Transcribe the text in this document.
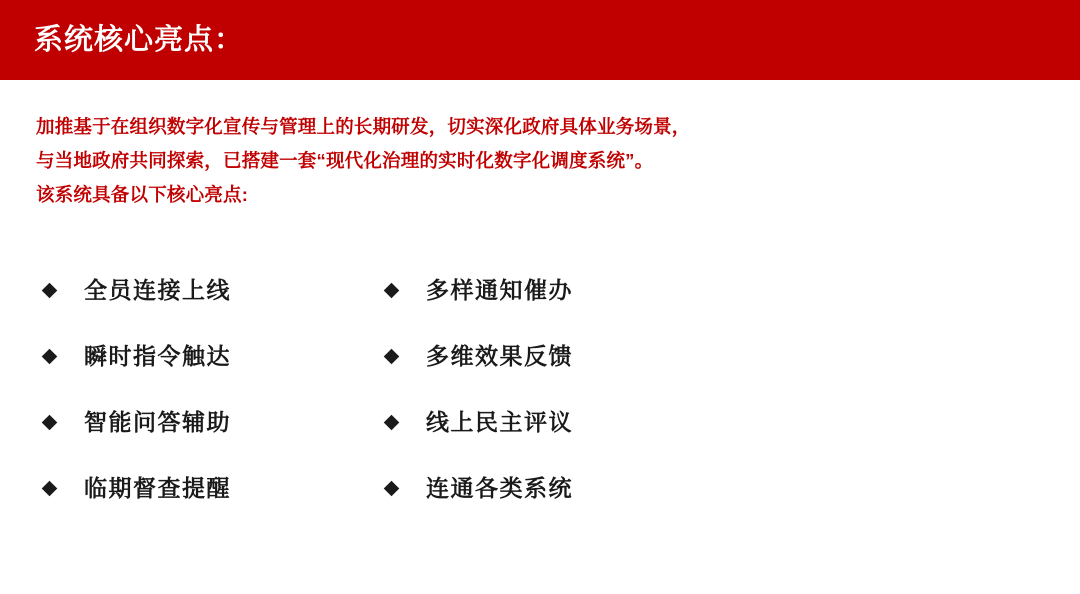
系统核心亮点：

加推基于在组织数字化宣传与管理上的长期研发，切实深化政府具体业务场景，

与当地政府共同探索，已搭建一套“现代化治理的实时化数字化调度系统”。

该系统具备以下核心亮点:

全员连接上线	多样通知催办
瞬时指令触达	多维效果反馈
智能问答辅助	线上民主评议
临期督查提醒	连通各类系统
